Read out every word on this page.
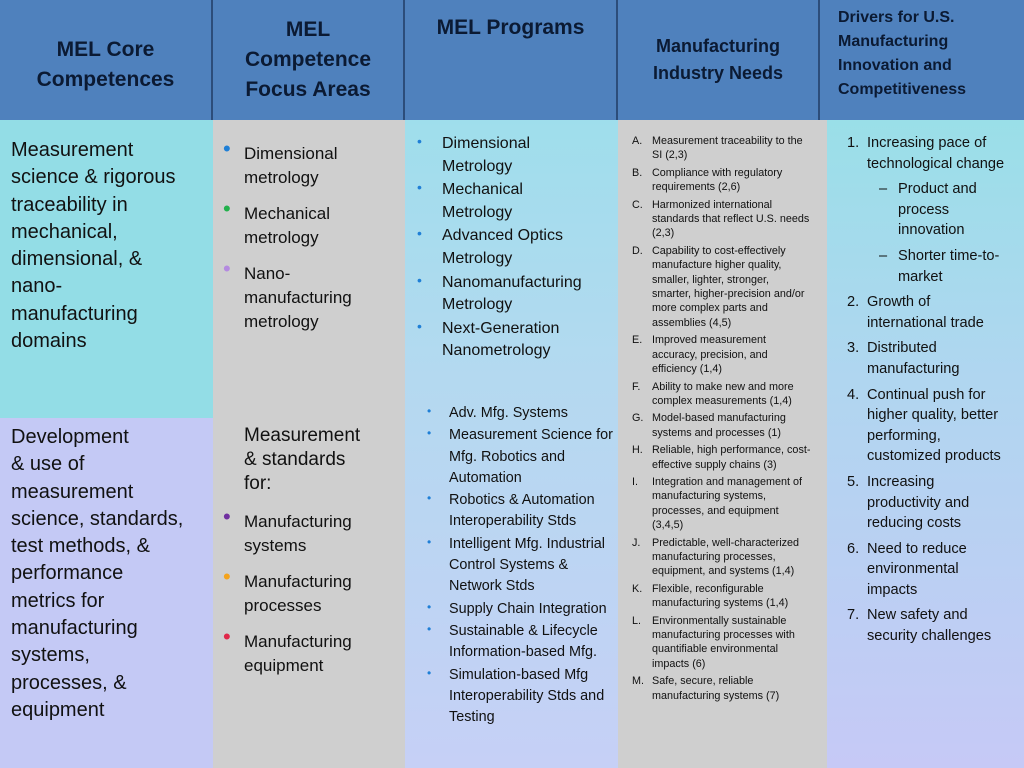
MEL Core
Competences
MEL
Competence
Focus Areas
MEL Programs
Manufacturing
Industry Needs
Drivers for U.S.
Manufacturing
Innovation and
Competitiveness
Measurement
science & rigorous
traceability in
mechanical,
dimensional, &
nano-
manufacturing
domains
Development
& use of
measurement
science, standards,
test methods, &
performance
metrics for
manufacturing
systems,
processes, &
equipment
• Dimensional
metrology
• Mechanical
metrology
• Nano-
manufacturing
metrology
Measurement
& standards
for:
• Manufacturing
systems
• Manufacturing
processes
• Manufacturing
equipment
• Dimensional
Metrology
• Mechanical
Metrology
• Advanced Optics
Metrology
• Nanomanufacturing
Metrology
• Next-Generation
Nanometrology
• Adv. Mfg. Systems
• Measurement Science for
Mfg. Robotics and
Automation
• Robotics & Automation
Interoperability Stds
• Intelligent Mfg. Industrial
Control Systems &
Network Stds
• Supply Chain Integration
• Sustainable & Lifecycle
Information-based Mfg.
• Simulation-based Mfg
Interoperability Stds and
Testing
A. Measurement traceability to the
SI (2,3)
B. Compliance with regulatory
requirements (2,6)
C. Harmonized international
standards that reflect U.S. needs
(2,3)
D. Capability to cost-effectively
manufacture higher quality,
smaller, lighter, stronger,
smarter, higher-precision and/or
more complex parts and
assemblies (4,5)
E. Improved measurement
accuracy, precision, and
efficiency (1,4)
F. Ability to make new and more
complex measurements (1,4)
G. Model-based manufacturing
systems and processes (1)
H. Reliable, high performance, cost-
effective supply chains (3)
I. Integration and management of
manufacturing systems,
processes, and equipment
(3,4,5)
J. Predictable, well-characterized
manufacturing processes,
equipment, and systems (1,4)
K. Flexible, reconfigurable
manufacturing systems (1,4)
L. Environmentally sustainable
manufacturing processes with
quantifiable environmental
impacts (6)
M. Safe, secure, reliable
manufacturing systems (7)
1. Increasing pace of
technological change
– Product and
process
innovation
– Shorter time-to-
market
2. Growth of
international trade
3. Distributed
manufacturing
4. Continual push for
higher quality, better
performing,
customized products
5. Increasing
productivity and
reducing costs
6. Need to reduce
environmental
impacts
7. New safety and
security challenges
